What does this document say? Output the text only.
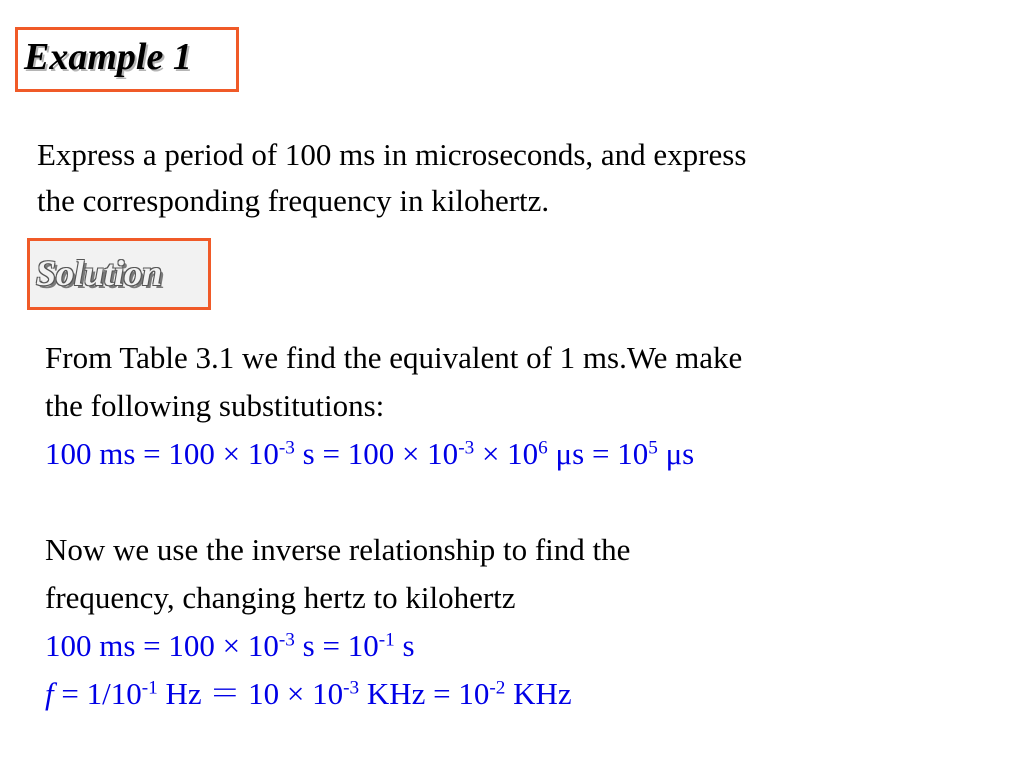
Example 1
Express a period of 100 ms in microseconds, and express
the corresponding frequency in kilohertz.
Solution
From Table 3.1 we find the equivalent of 1 ms.We make
the following substitutions:
100 ms = $100 \times 10^{-3}$ $s = 100 \times 10^{-3} \times 10^6$ $\mu s = 10^5$ μs
Now we use the inverse relationship to find the
frequency, changing hertz to kilohertz
100 ms = $100 \times 10^{-3}$ $s = 10^{-1}$ s
$f = 1/10^{-1}$ $Hz = 10 \times 10^{-3}$ KHz = $10^{-2}$ KHz
